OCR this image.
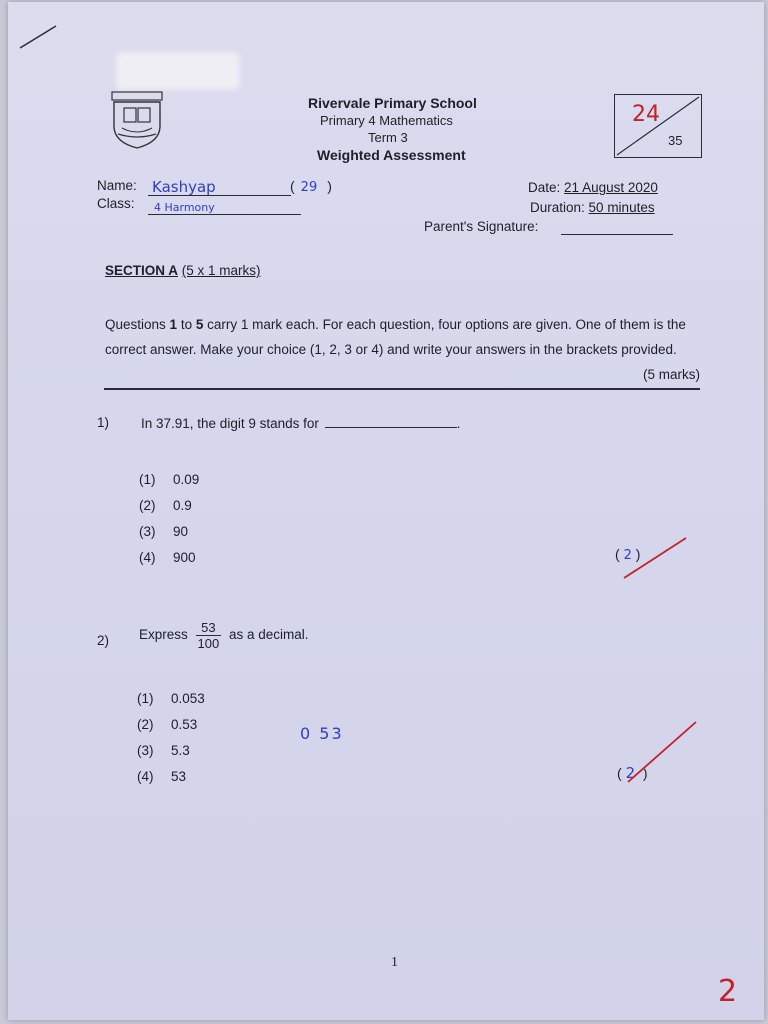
Rivervale Primary School
Primary 4 Mathematics
Term 3
Weighted Assessment
24
35
Name: Kashyap	( 29 )
Class:	4 Harmony
Date: 21 August 2020
Duration: 50 minutes
Parent's Signature:
SECTION A (5 x 1 marks)
Questions 1 to 5 carry 1 mark each. For each question, four options are given. One of them is the correct answer. Make your choice (1, 2, 3 or 4) and write your answers in the brackets provided.
(5 marks)
1) In 37.91, the digit 9 stands for	.
(1) 0.09
(2) 0.9
(3) 90
(4) 900	( 2 )
2) Express $\frac{53}{100}$ as a decimal.
(1) 0.053
(2) 0.53
(3) 5.3
(4) 53
0 53
( 2  )
1
2
